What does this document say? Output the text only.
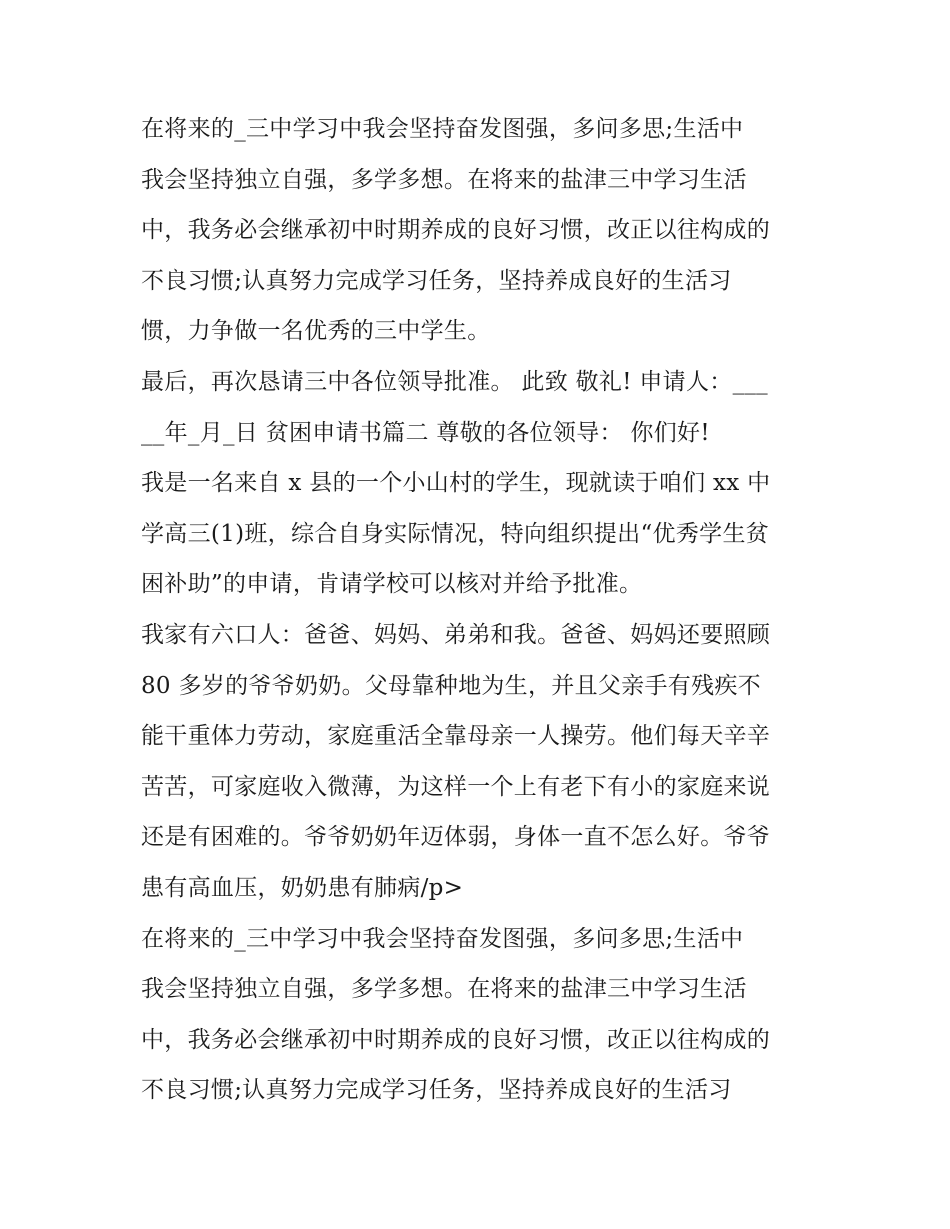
在将来的_三中学习中我会坚持奋发图强，多问多思;生活中
我会坚持独立自强，多学多想。在将来的盐津三中学习生活
中，我务必会继承初中时期养成的良好习惯，改正以往构成的
不良习惯;认真努力完成学习任务，坚持养成良好的生活习
惯，力争做一名优秀的三中学生。
最后，再次恳请三中各位领导批准。 此致 敬礼! 申请人：___
__年_月_日 贫困申请书篇二 尊敬的各位领导： 你们好!
我是一名来自 x 县的一个小山村的学生，现就读于咱们 xx 中
学高三(1)班，综合自身实际情况，特向组织提出“优秀学生贫
困补助”的申请，肯请学校可以核对并给予批准。
我家有六口人：爸爸、妈妈、弟弟和我。爸爸、妈妈还要照顾
80 多岁的爷爷奶奶。父母靠种地为生，并且父亲手有残疾不
能干重体力劳动，家庭重活全靠母亲一人操劳。他们每天辛辛
苦苦，可家庭收入微薄，为这样一个上有老下有小的家庭来说
还是有困难的。爷爷奶奶年迈体弱，身体一直不怎么好。爷爷
患有高血压，奶奶患有肺病/p>
在将来的_三中学习中我会坚持奋发图强，多问多思;生活中
我会坚持独立自强，多学多想。在将来的盐津三中学习生活
中，我务必会继承初中时期养成的良好习惯，改正以往构成的
不良习惯;认真努力完成学习任务，坚持养成良好的生活习
